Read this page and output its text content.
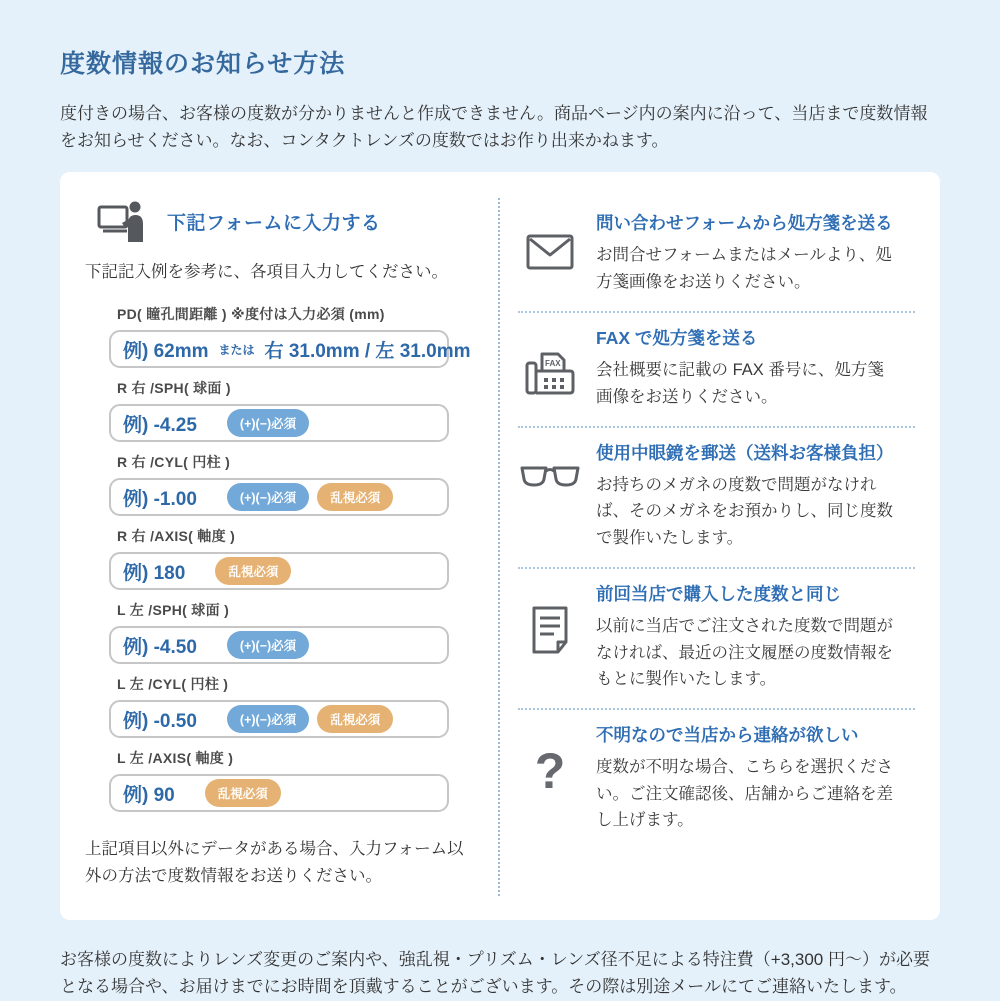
度数情報のお知らせ方法

度付きの場合、お客様の度数が分かりませんと作成できません。商品ページ内の案内に沿って、当店まで度数情報をお知らせください。なお、コンタクトレンズの度数ではお作り出来かねます。

下記フォームに入力する

下記記入例を参考に、各項目入力してください。

PD( 瞳孔間距離 ) ※度付は入力必須 (mm)
例) 62mm または 右 31.0mm / 左 31.0mm
R 右 /SPH( 球面 )
例) -4.25	(+)(−)必須
R 右 /CYL( 円柱 )
例) -1.00	(+)(−)必須	乱視必須
R 右 /AXIS( 軸度 )
例) 180	乱視必須
L 左 /SPH( 球面 )
例) -4.50	(+)(−)必須
L 左 /CYL( 円柱 )
例) -0.50	(+)(−)必須	乱視必須
L 左 /AXIS( 軸度 )
例) 90	乱視必須

上記項目以外にデータがある場合、入力フォーム以外の方法で度数情報をお送りください。

問い合わせフォームから処方箋を送る

お問合せフォームまたはメールより、処方箋画像をお送りください。

FAX

FAX で処方箋を送る

会社概要に記載の FAX 番号に、処方箋画像をお送りください。

使用中眼鏡を郵送（送料お客様負担）

お持ちのメガネの度数で問題がなければ、そのメガネをお預かりし、同じ度数で製作いたします。

前回当店で購入した度数と同じ

以前に当店でご注文された度数で問題がなければ、最近の注文履歴の度数情報をもとに製作いたします。

?

不明なので当店から連絡が欲しい

度数が不明な場合、こちらを選択ください。ご注文確認後、店舗からご連絡を差し上げます。

お客様の度数によりレンズ変更のご案内や、強乱視・プリズム・レンズ径不足による特注費（+3,300 円〜）が必要となる場合や、お届けまでにお時間を頂戴することがございます。その際は別途メールにてご連絡いたします。
